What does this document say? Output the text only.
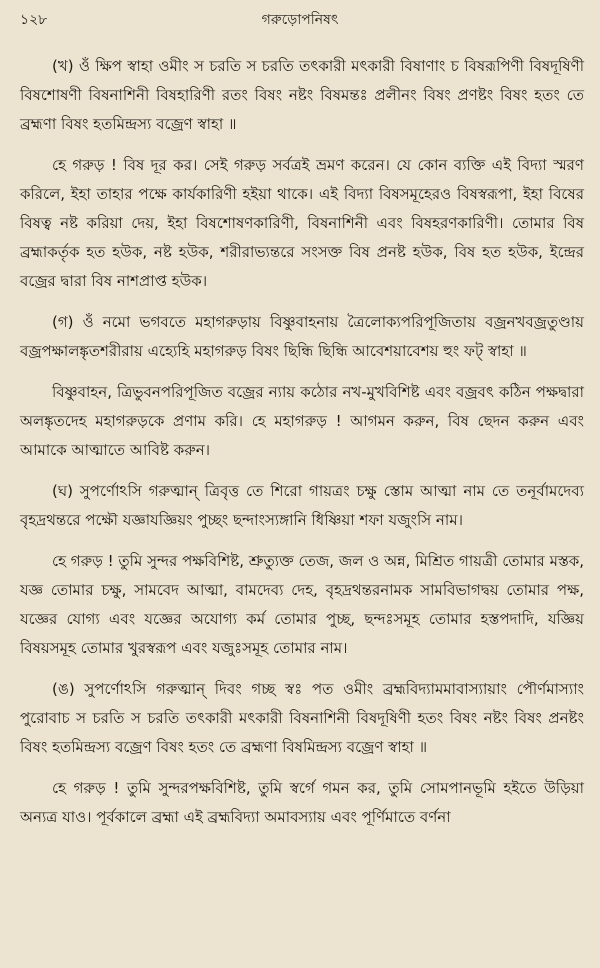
১২৮	গরুড়োপনিষৎ

(খ) ওঁ ক্ষিপ স্বাহা ওমীং স চরতি স চরতি তৎকারী মৎকারী বিষাণাং চ বিষরূপিণী বিষদূষিণী বিষশোষণী বিষনাশিনী বিষহারিণী রতং বিষং নষ্টং বিষমন্তঃ প্রলীনং বিষং প্রণষ্টং বিষং হতং তে ব্রহ্মণা বিষং হতমিন্দ্রস্য বজ্রেণ স্বাহা ॥

হে গরুড় ! বিষ দূর কর। সেই গরুড় সর্বত্রই ভ্রমণ করেন। যে কোন ব্যক্তি এই বিদ্যা স্মরণ করিলে, ইহা তাহার পক্ষে কার্যকারিণী হইয়া থাকে। এই বিদ্যা বিষসমূহেরও বিষস্বরূপা, ইহা বিষের বিষত্ব নষ্ট করিয়া দেয়, ইহা বিষশোষণকারিণী, বিষনাশিনী এবং বিষহরণকারিণী। তোমার বিষ ব্রহ্মাকর্তৃক হত হউক, নষ্ট হউক, শরীরাভ্যন্তরে সংসক্ত বিষ প্রনষ্ট হউক, বিষ হত হউক, ইন্দ্রের বজ্রের দ্বারা বিষ নাশপ্রাপ্ত হউক।

(গ) ওঁ নমো ভগবতে মহাগরুড়ায় বিষ্ণুবাহনায় ত্রৈলোক্যপরিপূজিতায় বজ্রনখবজ্রতুণ্ডায় বজ্রপক্ষালঙ্কৃতশরীরায় এহ্যেহি মহাগরুড় বিষং ছিন্ধি ছিন্ধি আবেশয়াবেশয় হুং ফট্ স্বাহা ॥

বিষ্ণুবাহন, ত্রিভুবনপরিপূজিত বজ্রের ন্যায় কঠোর নখ-মুখবিশিষ্ট এবং বজ্রবৎ কঠিন পক্ষদ্বারা অলঙ্কৃতদেহ মহাগরুড়কে প্রণাম করি। হে মহাগরুড় ! আগমন করুন, বিষ ছেদন করুন এবং আমাকে আত্মাতে আবিষ্ট করুন।

(ঘ) সুপর্ণোঽসি গরুত্মান্ ত্রিবৃত্ত তে শিরো গায়ত্রং চক্ষু স্তোম আত্মা নাম তে তনূর্বামদেব্য বৃহদ্রথন্তরে পক্ষৌ যজ্ঞাযজ্ঞিয়ং পুচ্ছং ছন্দাংস্যঙ্গানি ধিষ্ণিয়া শফা যজুংসি নাম।

হে গরুড় ! তুমি সুন্দর পক্ষবিশিষ্ট, শ্রুত্যুক্ত তেজ, জল ও অন্ন, মিশ্রিত গায়ত্রী তোমার মস্তক, যজ্ঞ তোমার চক্ষু, সামবেদ আত্মা, বামদেব্য দেহ, বৃহদ্রথন্তরনামক সামবিভাগদ্বয় তোমার পক্ষ, যজ্ঞের যোগ্য এবং যজ্ঞের অযোগ্য কর্ম তোমার পুচ্ছ, ছন্দঃসমূহ তোমার হস্তপদাদি, যজ্ঞিয় বিষয়সমূহ তোমার খুরস্বরূপ এবং যজুঃসমূহ তোমার নাম।

(ঙ) সুপর্ণোঽসি গরুত্মান্ দিবং গচ্ছ স্বঃ পত ওমীং ব্রহ্মবিদ্যামমাবাস্যায়াং পৌর্ণমাস্যাং পুরোবাচ স চরতি স চরতি তৎকারী মৎকারী বিষনাশিনী বিষদূষিণী হতং বিষং নষ্টং বিষং প্রনষ্টং বিষং হতমিন্দ্রস্য বজ্রেণ বিষং হতং তে ব্রহ্মণা বিষমিন্দ্রস্য বজ্রেণ স্বাহা ॥

হে গরুড় ! তুমি সুন্দরপক্ষবিশিষ্ট, তুমি স্বর্গে গমন কর, তুমি সোমপানভূমি হইতে উড়িয়া অন্যত্র যাও। পূর্বকালে ব্রহ্মা এই ব্রহ্মবিদ্যা অমাবস্যায় এবং পূর্ণিমাতে বর্ণনা
